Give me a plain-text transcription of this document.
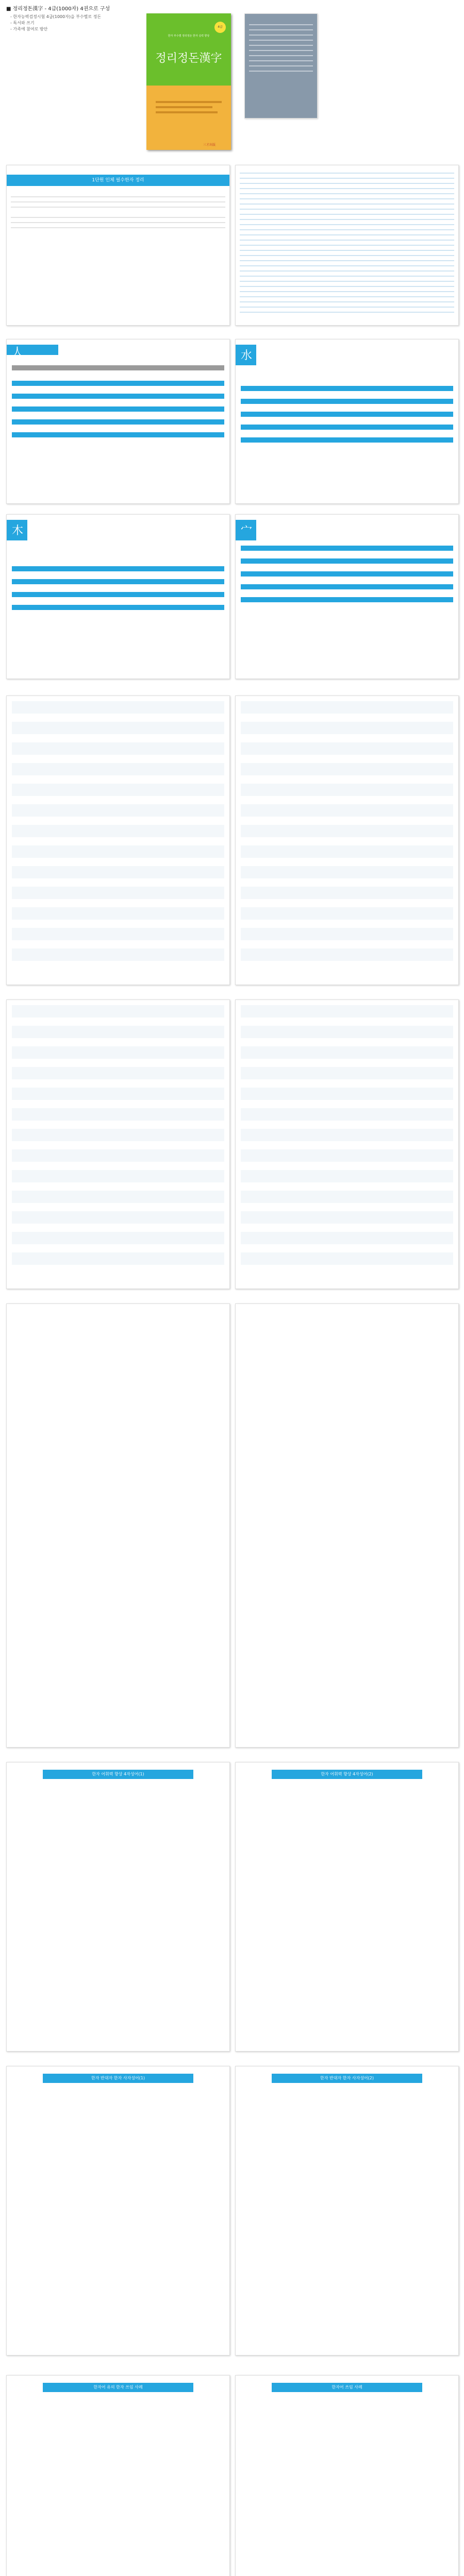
■ 정리정돈漢字 - 4급(1000자) 4권으로 구성
- 한자능력검정시험 4급(1000자)을 부수별로 정돈
- 독서와 쓰기
- 가족에 참여로 방안	4급
한자 부수별 정리정돈 한자 실력 향상
정리정돈漢字
三才出版
1단원 인체 필수한자 정리
人	水
木	宀
한자 어휘력 향상 4자성어(1)	한자 어휘력 향상 4자성어(2)
한자 반대자 한자 사자성어(1)	한자 반대자 한자 사자성어(2)
한자어 유의 한자 쓰임 사례	한자어 쓰임 사례
